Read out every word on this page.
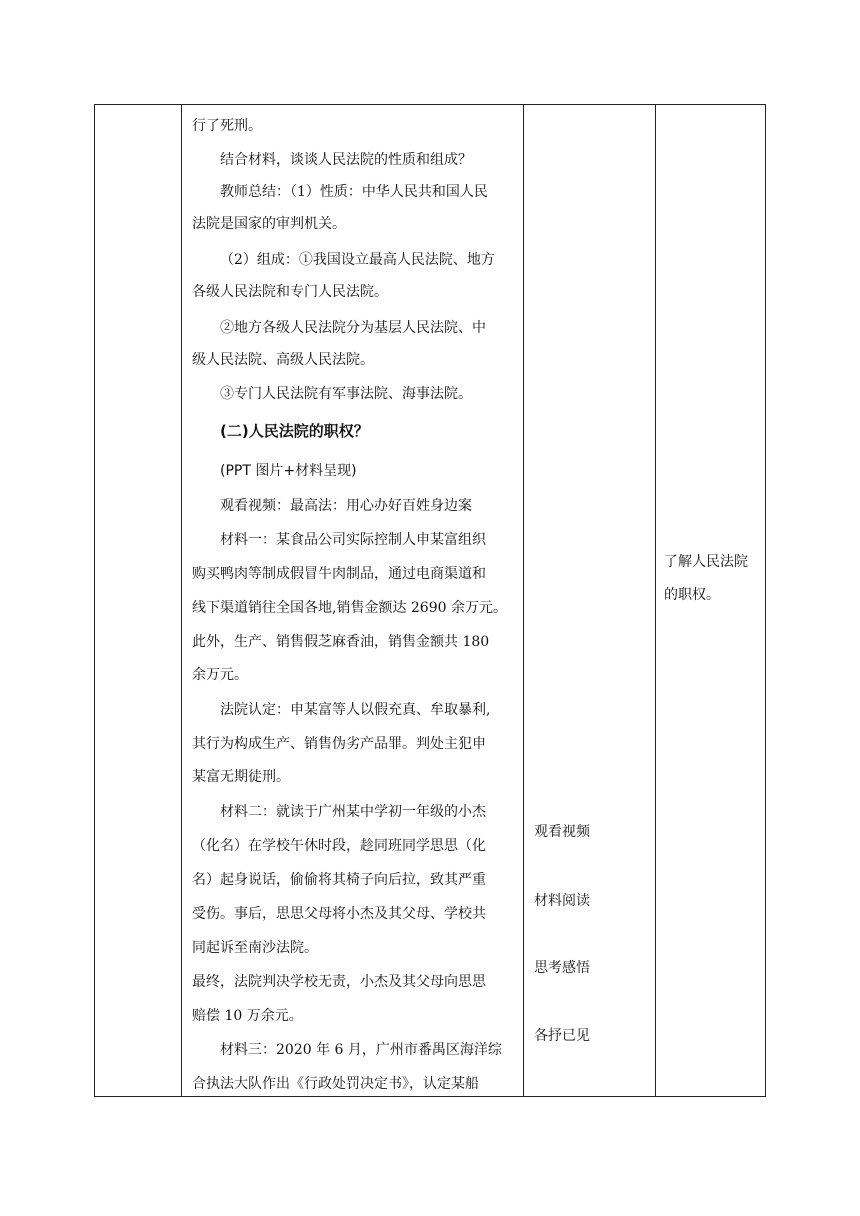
行了死刑。
结合材料，谈谈人民法院的性质和组成？
教师总结：（1）性质：中华人民共和国人民
法院是国家的审判机关。
（2）组成：①我国设立最高人民法院、地方
各级人民法院和专门人民法院。
②地方各级人民法院分为基层人民法院、中
级人民法院、高级人民法院。
③专门人民法院有军事法院、海事法院。
(二)人民法院的职权？
(PPT 图片+材料呈现)
观看视频：最高法：用心办好百姓身边案
材料一：某食品公司实际控制人申某富组织
购买鸭肉等制成假冒牛肉制品，通过电商渠道和
线下渠道销往全国各地,销售金额达 2690 余万元。
此外，生产、销售假芝麻香油，销售金额共 180
余万元。
法院认定：申某富等人以假充真、牟取暴利,
其行为构成生产、销售伪劣产品罪。判处主犯申
某富无期徒刑。
材料二：就读于广州某中学初一年级的小杰
（化名）在学校午休时段，趁同班同学思思（化
名）起身说话，偷偷将其椅子向后拉，致其严重
受伤。事后，思思父母将小杰及其父母、学校共
同起诉至南沙法院。
最终，法院判决学校无责，小杰及其父母向思思
赔偿 10 万余元。
材料三：2020 年 6 月，广州市番禺区海洋综
合执法大队作出《行政处罚决定书》，认定某船
观看视频
材料阅读
思考感悟
各抒已见
了解人民法院
的职权。
